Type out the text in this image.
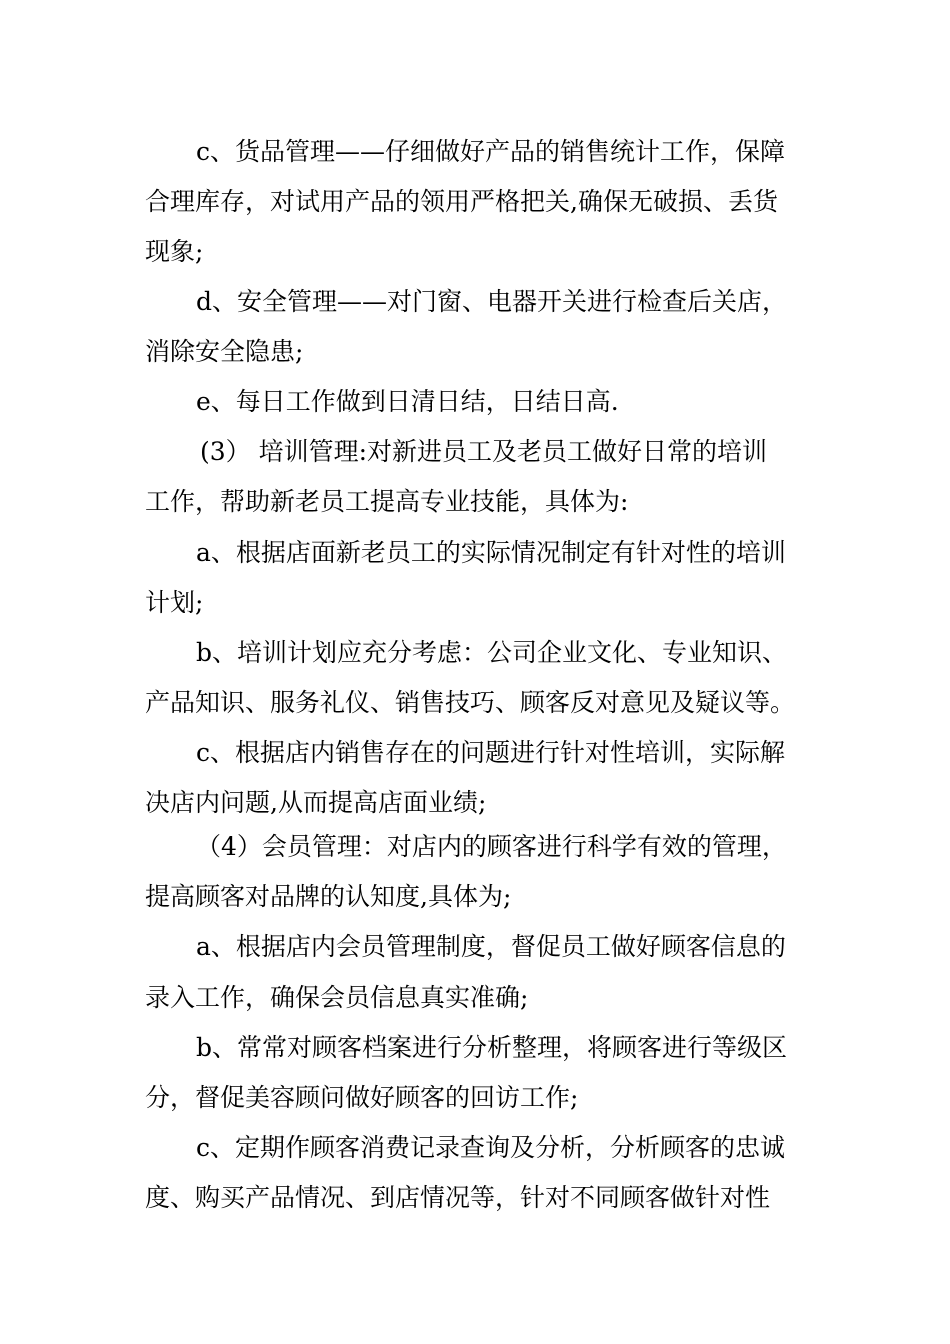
c、货品管理——仔细做好产品的销售统计工作，保障
合理库存，对试用产品的领用严格把关,确保无破损、丢货
现象;
d、安全管理——对门窗、电器开关进行检查后关店，
消除安全隐患;
e、每日工作做到日清日结，日结日高.
(3） 培训管理:对新进员工及老员工做好日常的培训
工作，帮助新老员工提高专业技能，具体为:
a、根据店面新老员工的实际情况制定有针对性的培训
计划;
b、培训计划应充分考虑：公司企业文化、专业知识、
产品知识、服务礼仪、销售技巧、顾客反对意见及疑议等。
c、根据店内销售存在的问题进行针对性培训，实际解
决店内问题,从而提高店面业绩;
（4）会员管理：对店内的顾客进行科学有效的管理，
提高顾客对品牌的认知度,具体为;
a、根据店内会员管理制度，督促员工做好顾客信息的
录入工作，确保会员信息真实准确;
b、常常对顾客档案进行分析整理，将顾客进行等级区
分，督促美容顾问做好顾客的回访工作;
c、定期作顾客消费记录查询及分析，分析顾客的忠诚
度、购买产品情况、到店情况等，针对不同顾客做针对性
